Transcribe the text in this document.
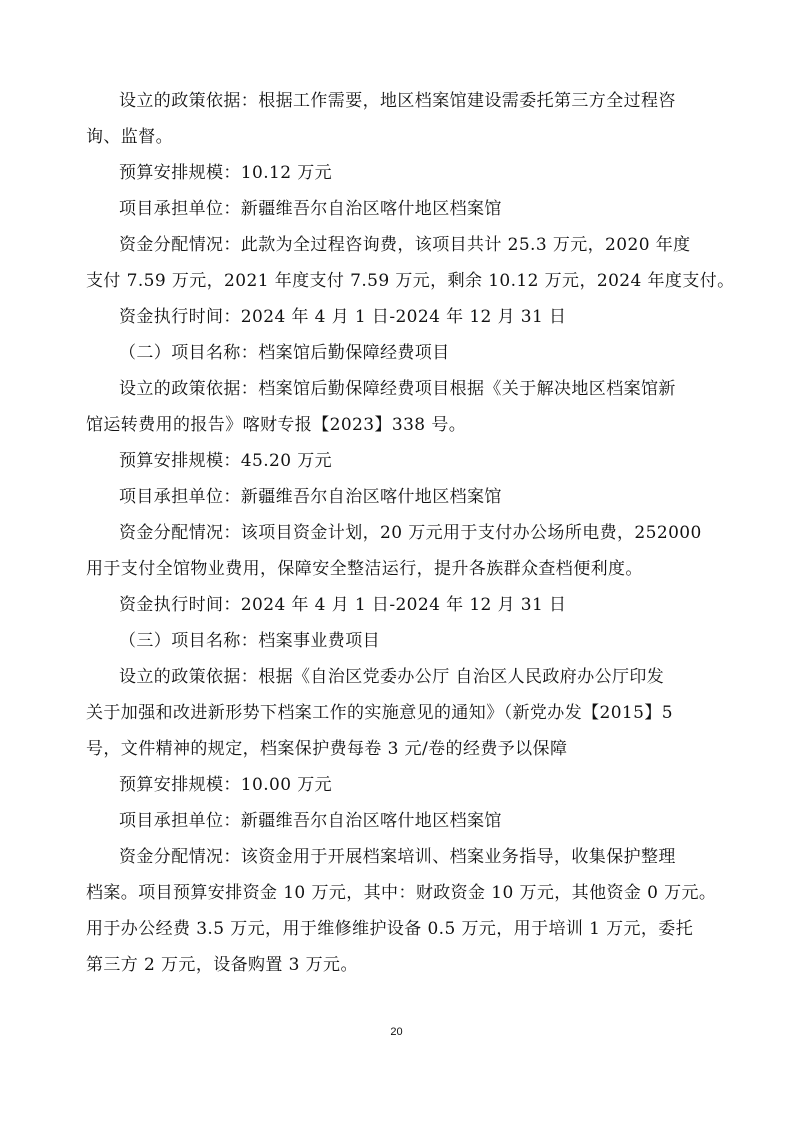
设立的政策依据：根据工作需要，地区档案馆建设需委托第三方全过程咨
询、监督。
预算安排规模：10.12 万元
项目承担单位：新疆维吾尔自治区喀什地区档案馆
资金分配情况：此款为全过程咨询费，该项目共计 25.3 万元，2020 年度
支付 7.59 万元，2021 年度支付 7.59 万元，剩余 10.12 万元，2024 年度支付。
资金执行时间：2024 年 4 月 1 日-2024 年 12 月 31 日
（二）项目名称：档案馆后勤保障经费项目
设立的政策依据：档案馆后勤保障经费项目根据《关于解决地区档案馆新
馆运转费用的报告》喀财专报【2023】338 号。
预算安排规模：45.20 万元
项目承担单位：新疆维吾尔自治区喀什地区档案馆
资金分配情况：该项目资金计划，20 万元用于支付办公场所电费，252000
用于支付全馆物业费用，保障安全整洁运行，提升各族群众查档便利度。
资金执行时间：2024 年 4 月 1 日-2024 年 12 月 31 日
（三）项目名称：档案事业费项目
设立的政策依据：根据《自治区党委办公厅 自治区人民政府办公厅印发
关于加强和改进新形势下档案工作的实施意见的通知》（新党办发【2015】5
号，文件精神的规定，档案保护费每卷 3 元/卷的经费予以保障
预算安排规模：10.00 万元
项目承担单位：新疆维吾尔自治区喀什地区档案馆
资金分配情况：该资金用于开展档案培训、档案业务指导，收集保护整理
档案。项目预算安排资金 10 万元，其中：财政资金 10 万元，其他资金 0 万元。
用于办公经费 3.5 万元，用于维修维护设备 0.5 万元，用于培训 1 万元，委托
第三方 2 万元，设备购置 3 万元。
20
